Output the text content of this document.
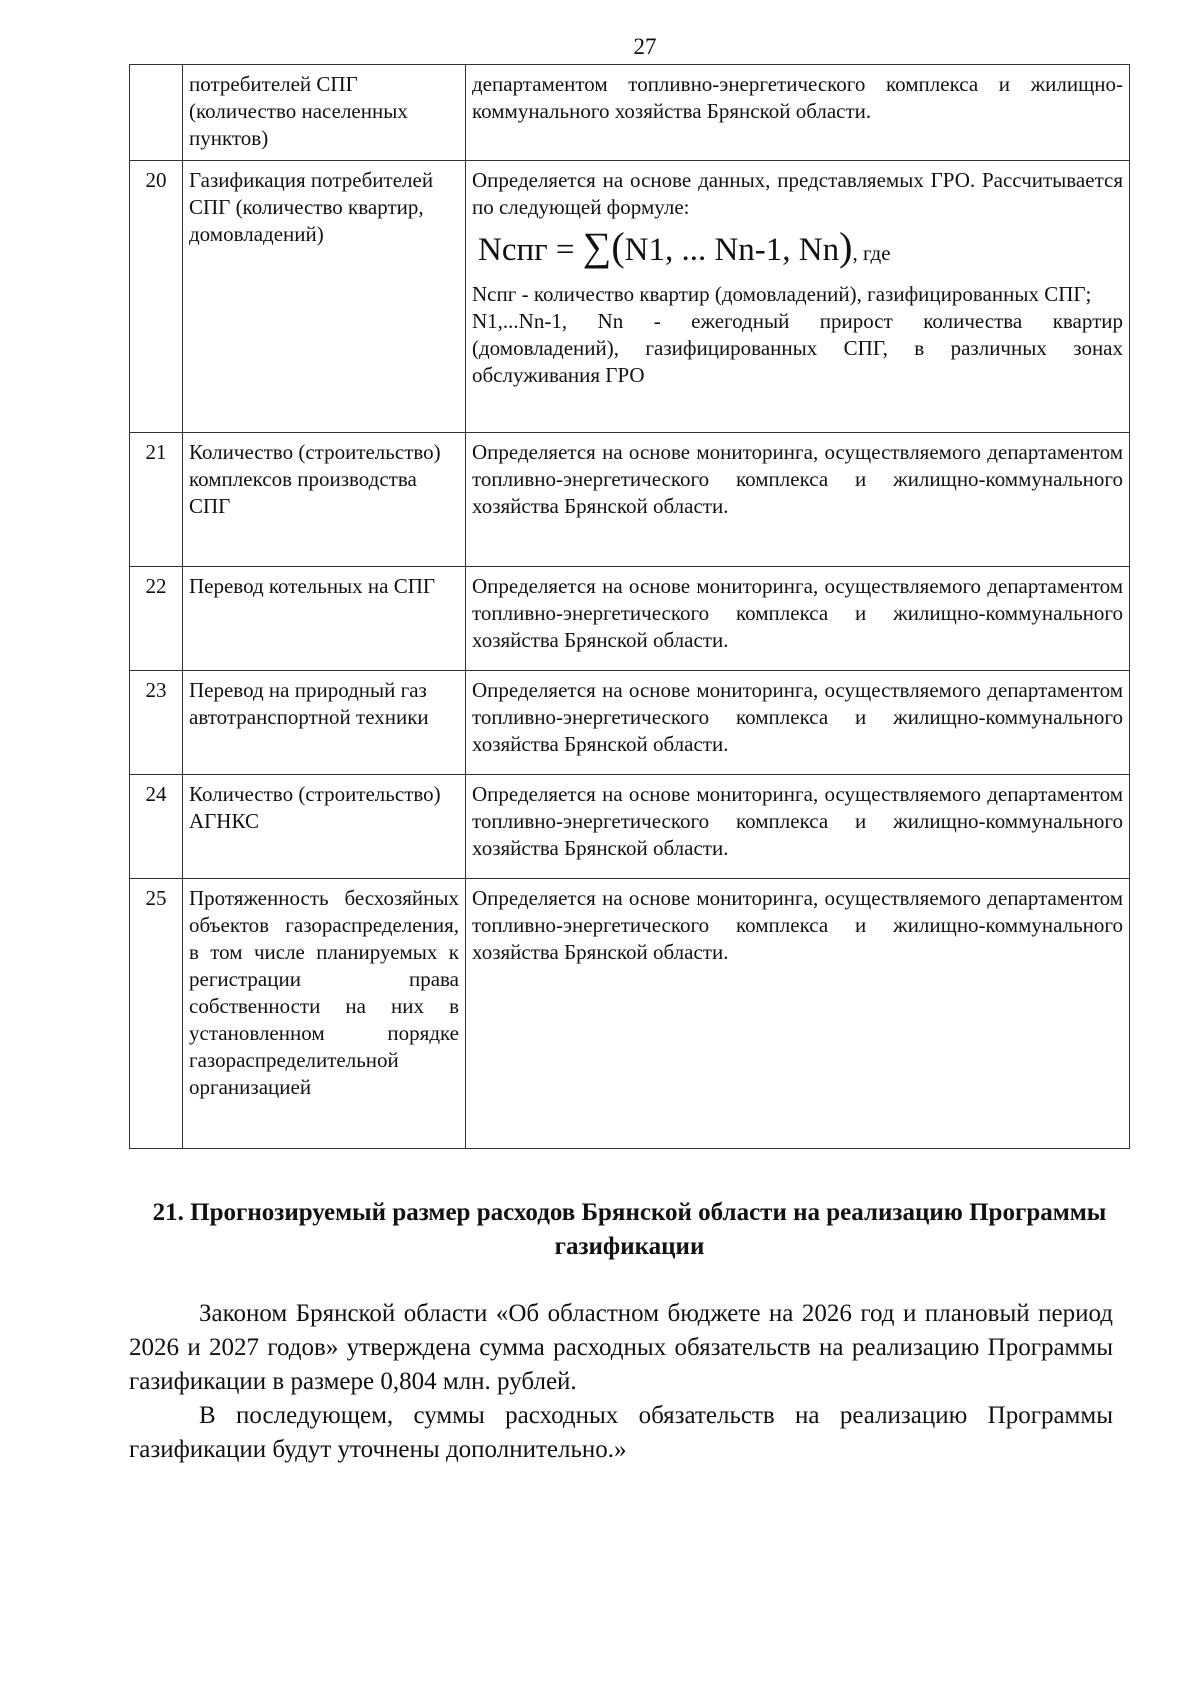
27
	потребителей СПГ (количество населенных пунктов)	департаментом топливно-энергетического комплекса и жилищно-коммунального хозяйства Брянской области.
20	Газификация потребителей СПГ (количество квартир, домовладений)	Определяется на основе данных, представляемых ГРО. Рассчитывается по следующей формуле:
Nспг = ∑(N1, ... Nn-1, Nn), где
Nспг - количество квартир (домовладений), газифицированных СПГ;
N1,...Nn-1, Nn - ежегодный прирост количества квартир (домовладений), газифицированных СПГ, в различных зонах обслуживания ГРО

21	Количество (строительство) комплексов производства СПГ	Определяется на основе мониторинга, осуществляемого департаментом топливно-энергетического комплекса и жилищно-коммунального хозяйства Брянской области.
22	Перевод котельных на СПГ	Определяется на основе мониторинга, осуществляемого департаментом топливно-энергетического комплекса и жилищно-коммунального хозяйства Брянской области.
23	Перевод на природный газ автотранспортной техники	Определяется на основе мониторинга, осуществляемого департаментом топливно-энергетического комплекса и жилищно-коммунального хозяйства Брянской области.
24	Количество (строительство) АГНКС	Определяется на основе мониторинга, осуществляемого департаментом топливно-энергетического комплекса и жилищно-коммунального хозяйства Брянской области.
25	Протяженность бесхозяйных объектов газораспределения, в том числе планируемых к регистрации права собственности на них в установленном порядке газораспределительной организацией	Определяется на основе мониторинга, осуществляемого департаментом топливно-энергетического комплекса и жилищно-коммунального хозяйства Брянской области.
21. Прогнозируемый размер расходов Брянской области на реализацию Программы газификации

Законом Брянской области «Об областном бюджете на 2026 год и плановый период 2026 и 2027 годов» утверждена сумма расходных обязательств на реализацию Программы газификации в размере 0,804 млн. рублей.

В последующем, суммы расходных обязательств на реализацию Программы газификации будут уточнены дополнительно.»
